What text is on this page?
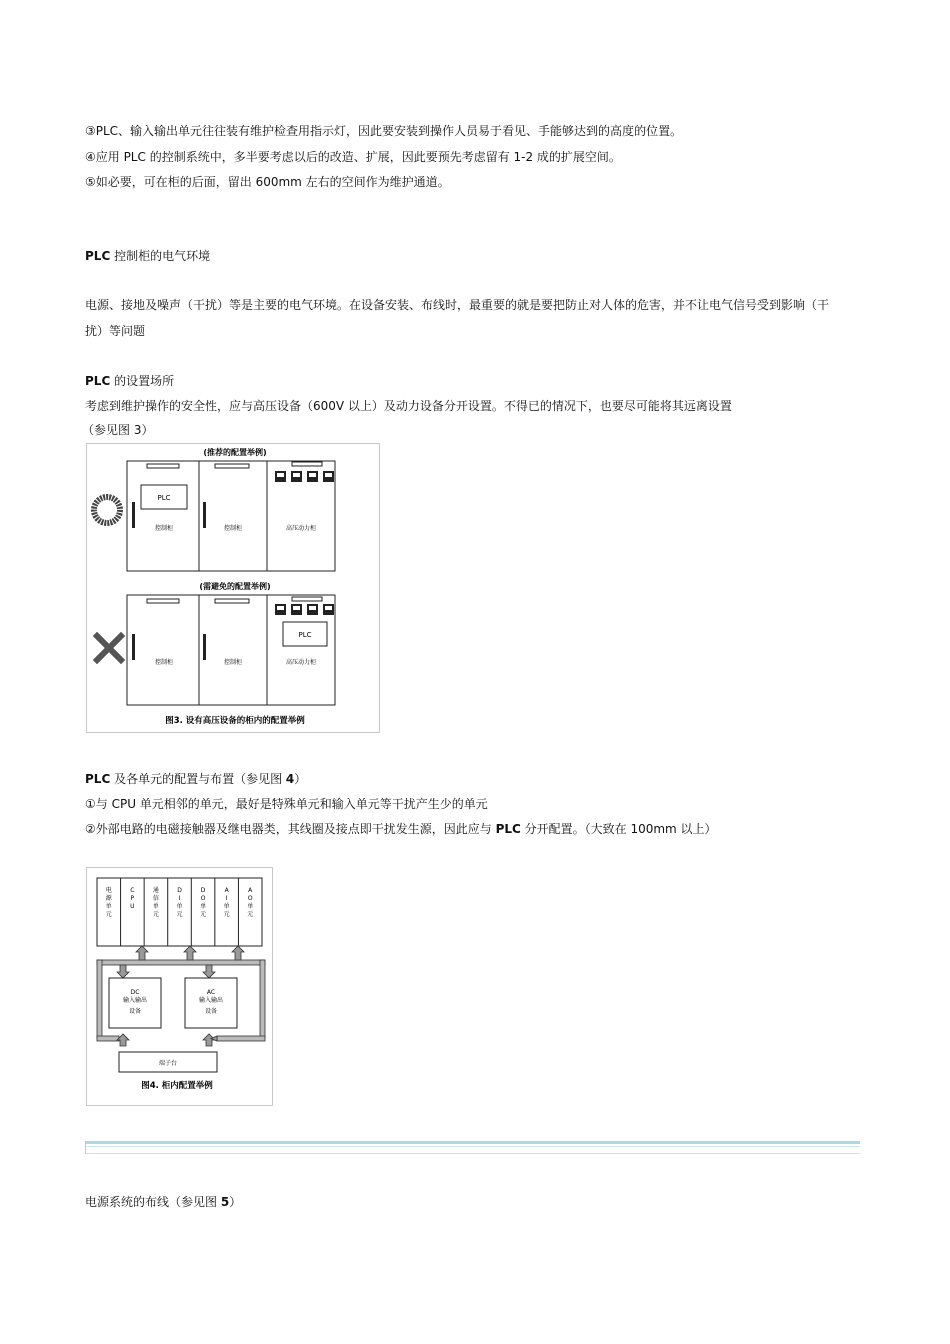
③PLC、输入输出单元往往装有维护检查用指示灯，因此要安装到操作人员易于看见、手能够达到的高度的位置。
④应用 PLC 的控制系统中，多半要考虑以后的改造、扩展，因此要预先考虑留有 1-2 成的扩展空间。
⑤如必要，可在柜的后面，留出 600mm 左右的空间作为维护通道。
PLC 控制柜的电气环境
电源、接地及噪声（干扰）等是主要的电气环境。在设备安装、布线时，最重要的就是要把防止对人体的危害，并不让电气信号受到影响（干
扰）等问题
PLC 的设置场所
考虑到维护操作的安全性，应与高压设备（600V 以上）及动力设备分开设置。不得已的情况下，也要尽可能将其远离设置
（参见图 3）
(推荐的配置举例)
PLC
控制柜	控制柜	高压动力柜
(需避免的配置举例)
PLC
控制柜	控制柜	高压动力柜
图3. 设有高压设备的柜内的配置举例
PLC 及各单元的配置与布置（参见图 4）
①与 CPU 单元相邻的单元，最好是特殊单元和输入单元等干扰产生少的单元
②外部电路的电磁接触器及继电器类，其线圈及接点即干扰发生源，因此应与 PLC 分开配置。（大致在 100mm 以上）
电源单元
C P U
通信单元
D I 单元
D O 单元
A I 单元
A O 单元
DC
输入输出
设备
AC
输入输出
设备
端子台
图4. 柜内配置举例
电源系统的布线（参见图 5）
